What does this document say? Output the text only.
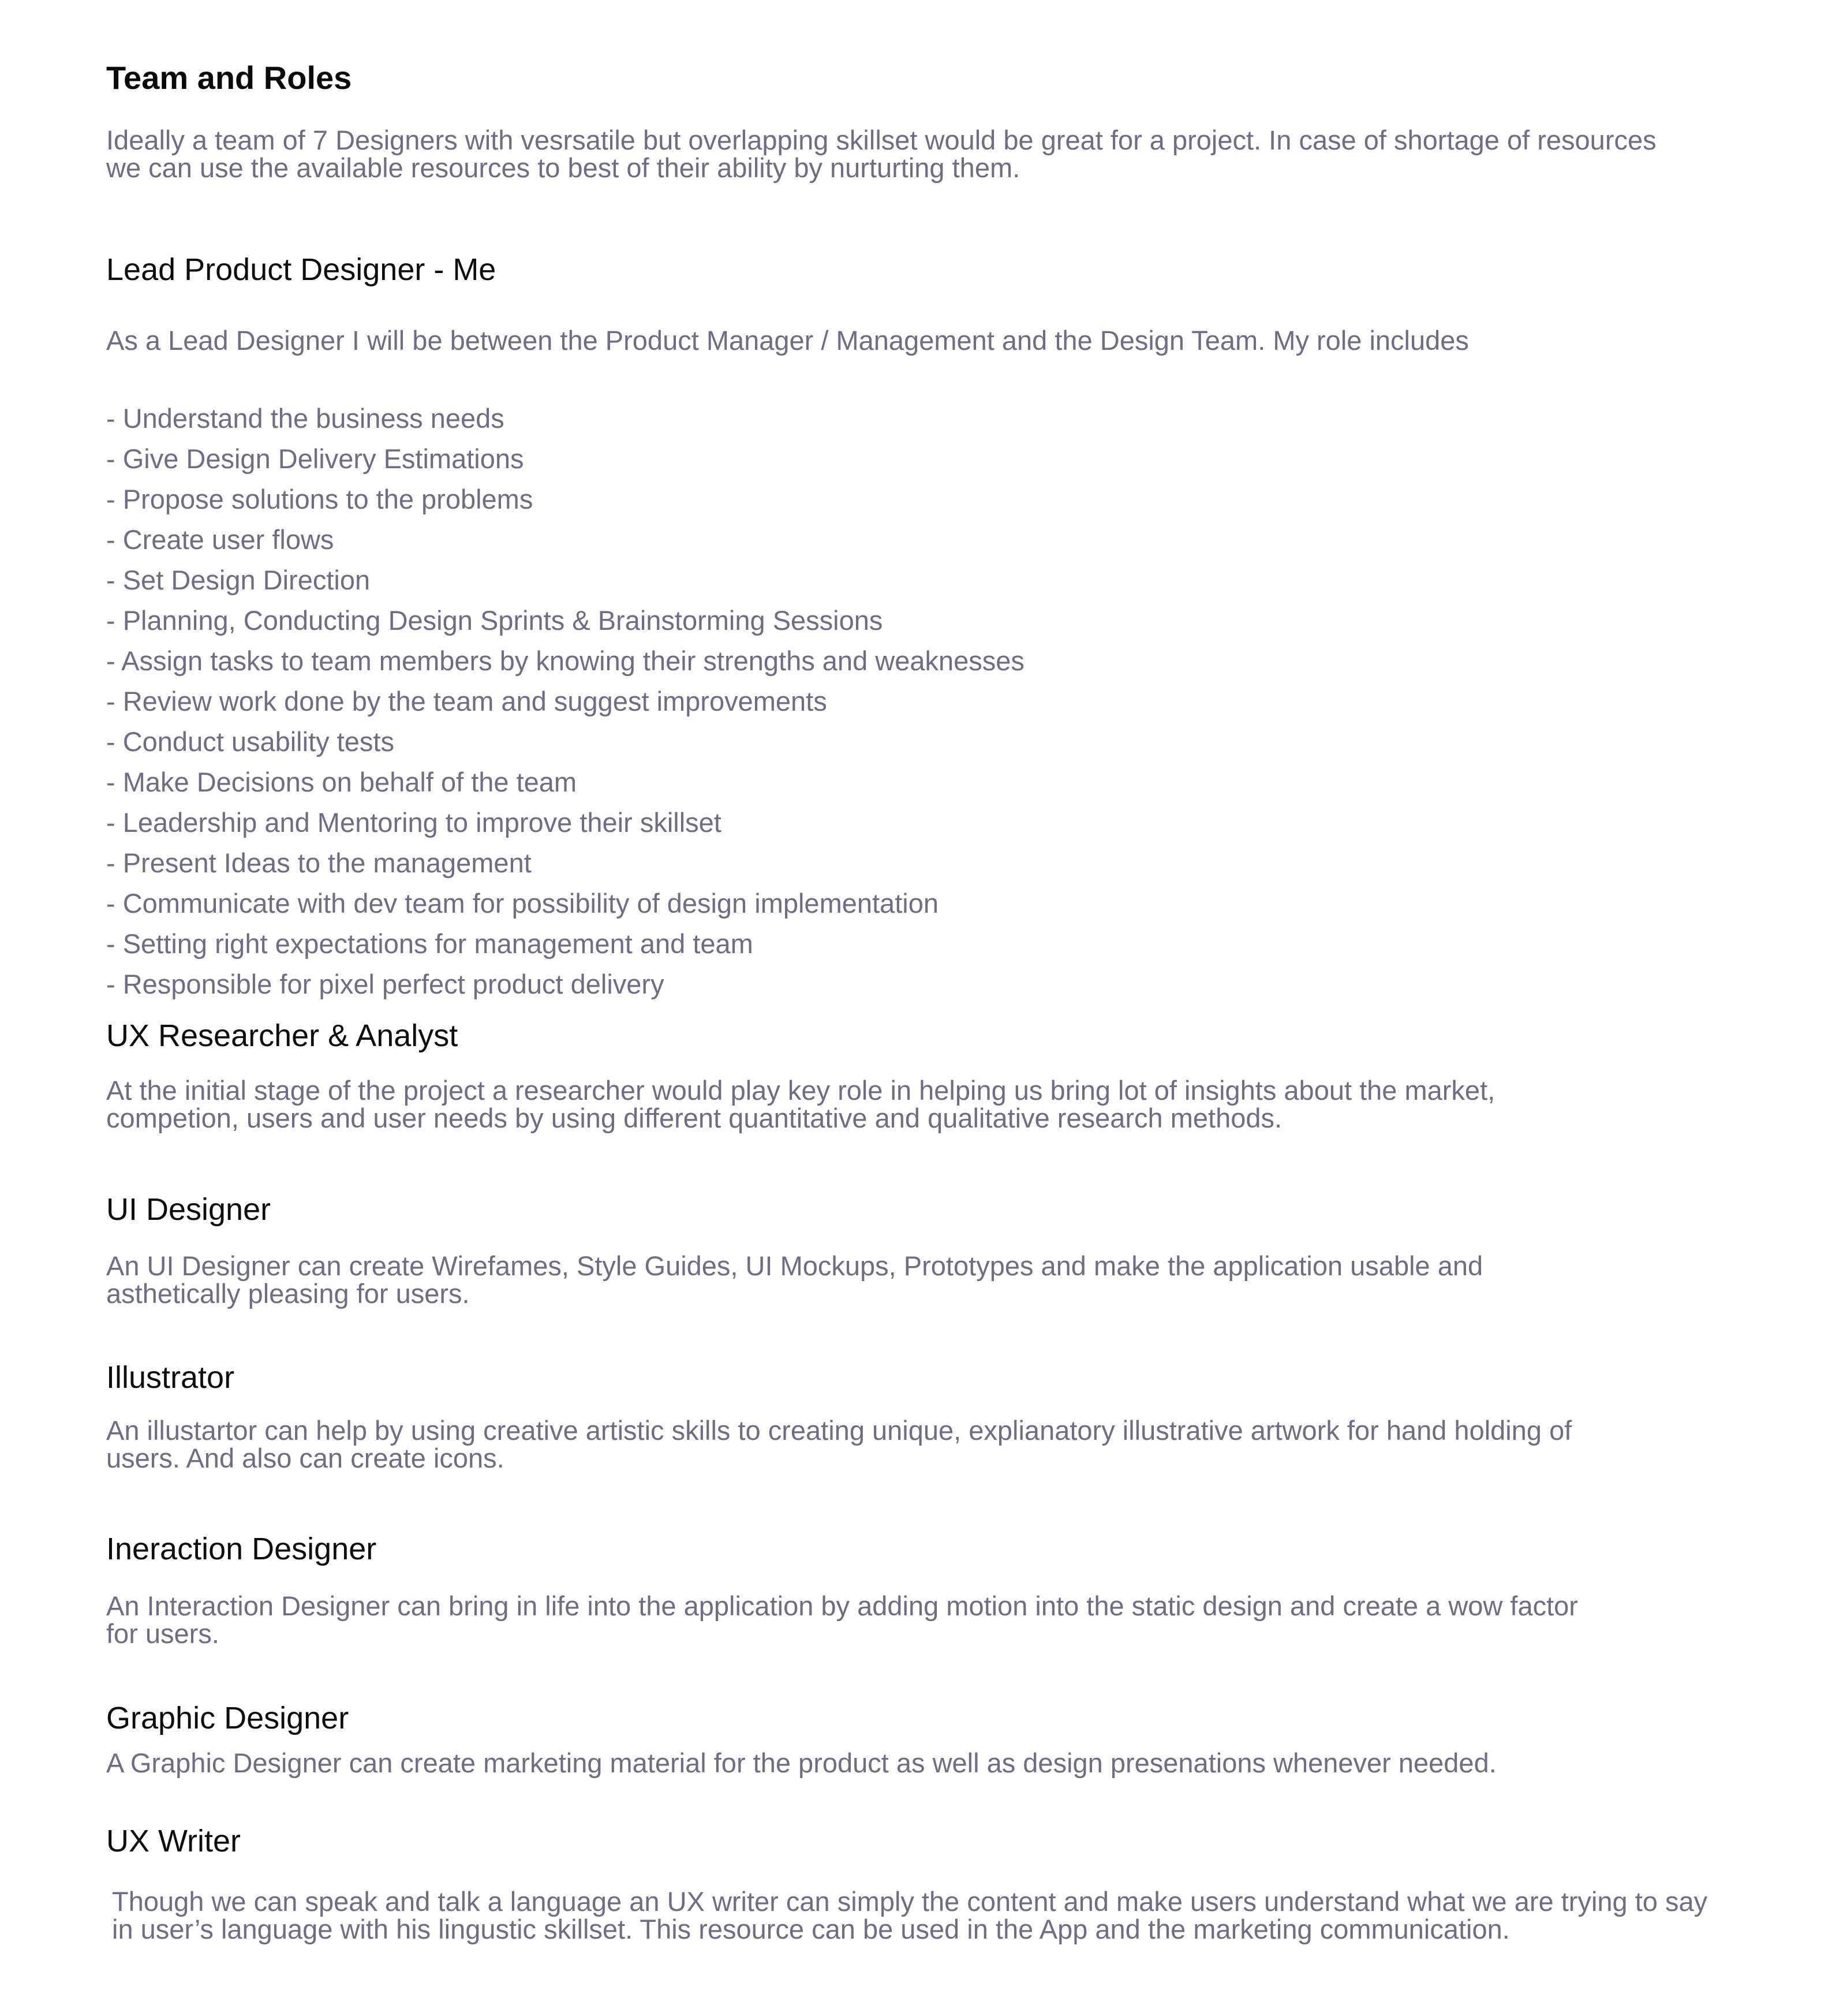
Team and Roles

Ideally a team of 7 Designers with vesrsatile but overlapping skillset would be great for a project. In case of shortage of resources we can use the available resources to best of their ability by nurturting them.

Lead Product Designer - Me

As a Lead Designer I will be between the Product Manager / Management and the Design Team. My role includes

- Understand the business needs
- Give Design Delivery Estimations
- Propose solutions to the problems
- Create user flows
- Set Design Direction
- Planning, Conducting Design Sprints & Brainstorming Sessions
- Assign tasks to team members by knowing their strengths and weaknesses
- Review work done by the team and suggest improvements
- Conduct usability tests
- Make Decisions on behalf of the team
- Leadership and Mentoring to improve their skillset
- Present Ideas to the management
- Communicate with dev team for possibility of design implementation
- Setting right expectations for management and team
- Responsible for pixel perfect product delivery
UX Researcher & Analyst

At the initial stage of the project a researcher would play key role in helping us bring lot of insights about the market, competion, users and user needs by using different quantitative and qualitative research methods.

UI Designer

An UI Designer can create Wirefames, Style Guides, UI Mockups, Prototypes and make the application usable and asthetically pleasing for users.

Illustrator

An illustartor can help by using creative artistic skills to creating unique, explianatory illustrative artwork for hand holding of users. And also can create icons.

Ineraction Designer

An Interaction Designer can bring in life into the application by adding motion into the static design and create a wow factor for users.

Graphic Designer

A Graphic Designer can create marketing material for the product as well as design presenations whenever needed.

UX Writer

Though we can speak and talk a language an UX writer can simply the content and make users understand what we are trying to say in user’s language with his lingustic skillset. This resource can be used in the App and the marketing communication.
